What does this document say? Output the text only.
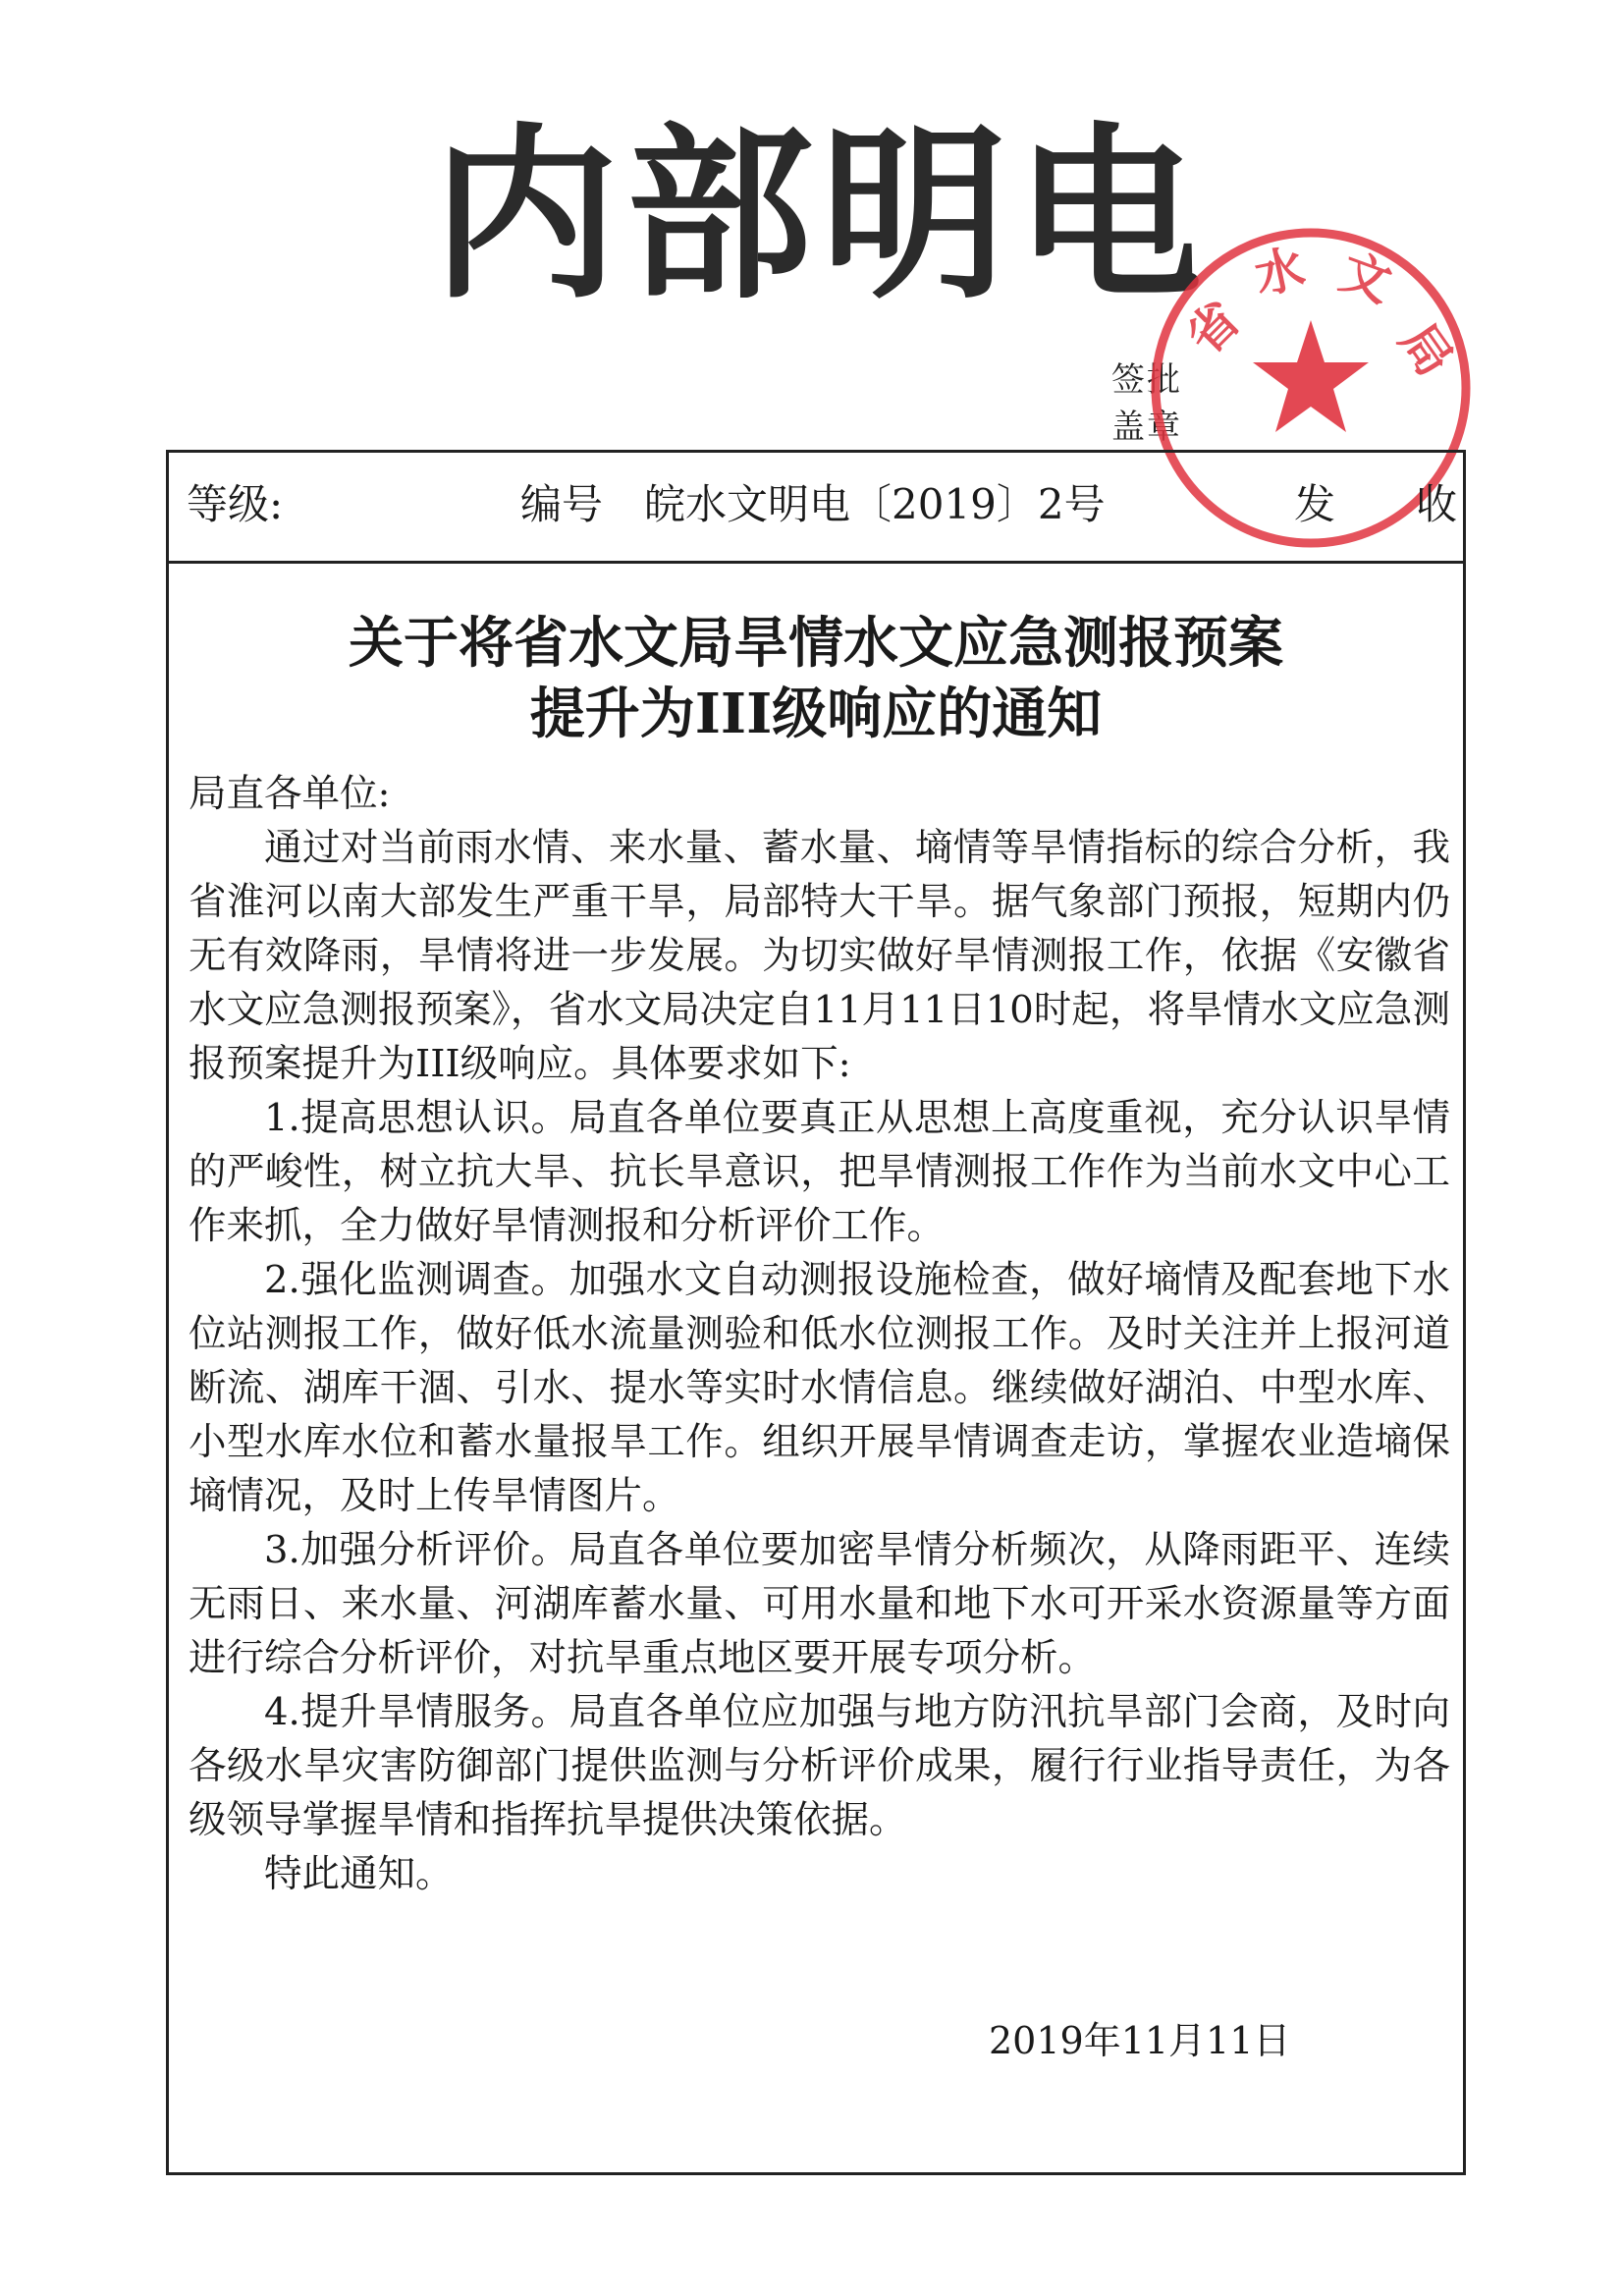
内部明电
签批
盖章
省
水 文
局
等级:	编号 皖水文明电〔2019〕2号	发 收
关于将省水文局旱情水文应急测报预案
提升为III级响应的通知

局直各单位:

通过对当前雨水情、来水量、蓄水量、墒情等旱情指标的综合分析，我省淮河以南大部发生严重干旱，局部特大干旱。据气象部门预报，短期内仍无有效降雨，旱情将进一步发展。为切实做好旱情测报工作，依据《安徽省水文应急测报预案》，省水文局决定自11月11日10时起，将旱情水文应急测报预案提升为III级响应。具体要求如下:

1.提高思想认识。局直各单位要真正从思想上高度重视，充分认识旱情的严峻性，树立抗大旱、抗长旱意识，把旱情测报工作作为当前水文中心工作来抓，全力做好旱情测报和分析评价工作。

2.强化监测调查。加强水文自动测报设施检查，做好墒情及配套地下水位站测报工作，做好低水流量测验和低水位测报工作。及时关注并上报河道断流、湖库干涸、引水、提水等实时水情信息。继续做好湖泊、中型水库、小型水库水位和蓄水量报旱工作。组织开展旱情调查走访，掌握农业造墒保墒情况，及时上传旱情图片。

3.加强分析评价。局直各单位要加密旱情分析频次，从降雨距平、连续无雨日、来水量、河湖库蓄水量、可用水量和地下水可开采水资源量等方面进行综合分析评价，对抗旱重点地区要开展专项分析。

4.提升旱情服务。局直各单位应加强与地方防汛抗旱部门会商，及时向各级水旱灾害防御部门提供监测与分析评价成果，履行行业指导责任，为各级领导掌握旱情和指挥抗旱提供决策依据。

特此通知。

2019年11月11日
